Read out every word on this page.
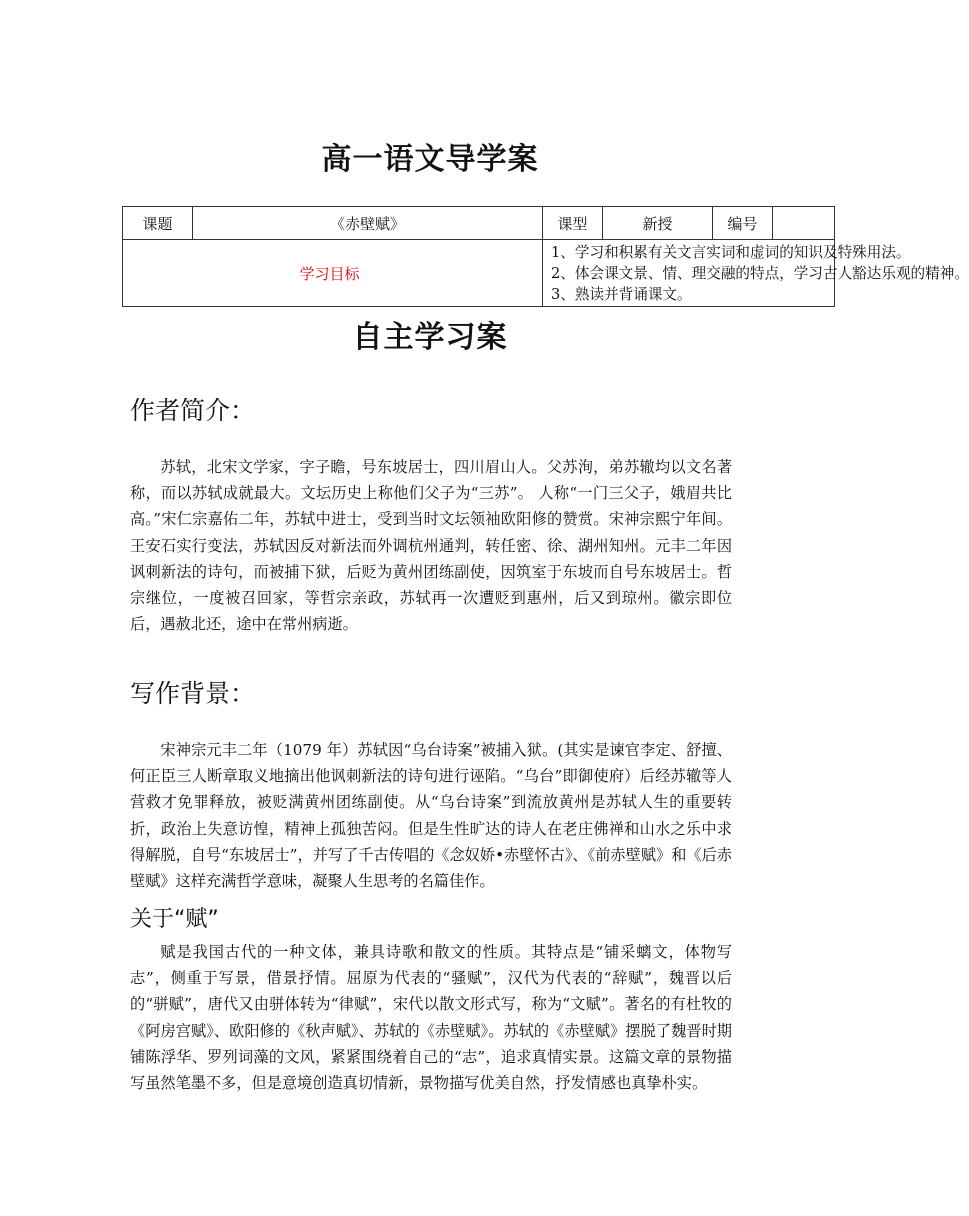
高一语文导学案
课题	《赤壁赋》	课型	新授	编号	
学习目标		1、学习和积累有关文言实词和虚词的知识及特殊用法。
2、体会课文景、情、理交融的特点，学习古人豁达乐观的精神。
3、熟读并背诵课文。			
自主学习案
作者简介：

苏轼，北宋文学家，字子瞻，号东坡居士，四川眉山人。父苏洵，弟苏辙均以文名著称，而以苏轼成就最大。文坛历史上称他们父子为“三苏”。 人称“一门三父子，娥眉共比高。”宋仁宗嘉佑二年，苏轼中进士，受到当时文坛领袖欧阳修的赞赏。宋神宗熙宁年间。王安石实行变法，苏轼因反对新法而外调杭州通判，转任密、徐、湖州知州。元丰二年因讽刺新法的诗句，而被捕下狱，后贬为黄州团练副使，因筑室于东坡而自号东坡居士。哲宗继位，一度被召回家，等哲宗亲政，苏轼再一次遭贬到惠州，后又到琼州。徽宗即位后，遇赦北还，途中在常州病逝。

写作背景：

宋神宗元丰二年（1079 年）苏轼因“乌台诗案”被捕入狱。(其实是谏官李定、舒擅、何正臣三人断章取义地摘出他讽刺新法的诗句进行诬陷。“乌台”即御使府）后经苏辙等人营救才免罪释放，被贬满黄州团练副使。从“乌台诗案”到流放黄州是苏轼人生的重要转折，政治上失意访惶，精神上孤独苦闷。但是生性旷达的诗人在老庄佛禅和山水之乐中求得解脱，自号“东坡居士”，并写了千古传唱的《念奴娇•赤壁怀古》、《前赤壁赋》和《后赤壁赋》这样充满哲学意味，凝聚人生思考的名篇佳作。

关于“赋”

赋是我国古代的一种文体，兼具诗歌和散文的性质。其特点是“铺采螭文，体物写志”，侧重于写景，借景抒情。屈原为代表的“骚赋”，汉代为代表的“辞赋”，魏晋以后的“骈赋”，唐代又由骈体转为“律赋”，宋代以散文形式写，称为“文赋”。著名的有杜牧的《阿房宫赋》、欧阳修的《秋声赋》、苏轼的《赤壁赋》。苏轼的《赤壁赋》摆脱了魏晋时期铺陈浮华、罗列词藻的文风，紧紧围绕着自己的“志”，追求真情实景。这篇文章的景物描写虽然笔墨不多，但是意境创造真切情新，景物描写优美自然，抒发情感也真挚朴实。
